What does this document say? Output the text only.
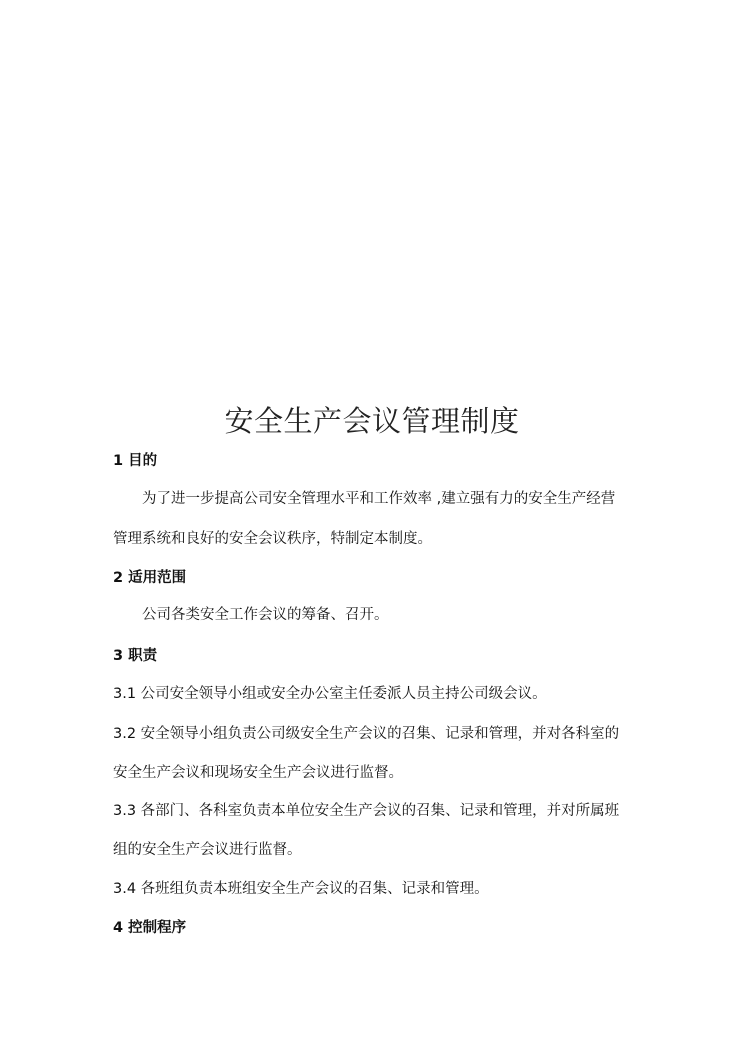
安全生产会议管理制度
1 目的
为了进一步提高公司安全管理水平和工作效率 ,建立强有力的安全生产经营
管理系统和良好的安全会议秩序，特制定本制度。
2 适用范围
公司各类安全工作会议的筹备、召开。
3 职责
3.1 公司安全领导小组或安全办公室主任委派人员主持公司级会议。
3.2 安全领导小组负责公司级安全生产会议的召集、记录和管理，并对各科室的
安全生产会议和现场安全生产会议进行监督。
3.3 各部门、各科室负责本单位安全生产会议的召集、记录和管理，并对所属班
组的安全生产会议进行监督。
3.4 各班组负责本班组安全生产会议的召集、记录和管理。
4 控制程序
